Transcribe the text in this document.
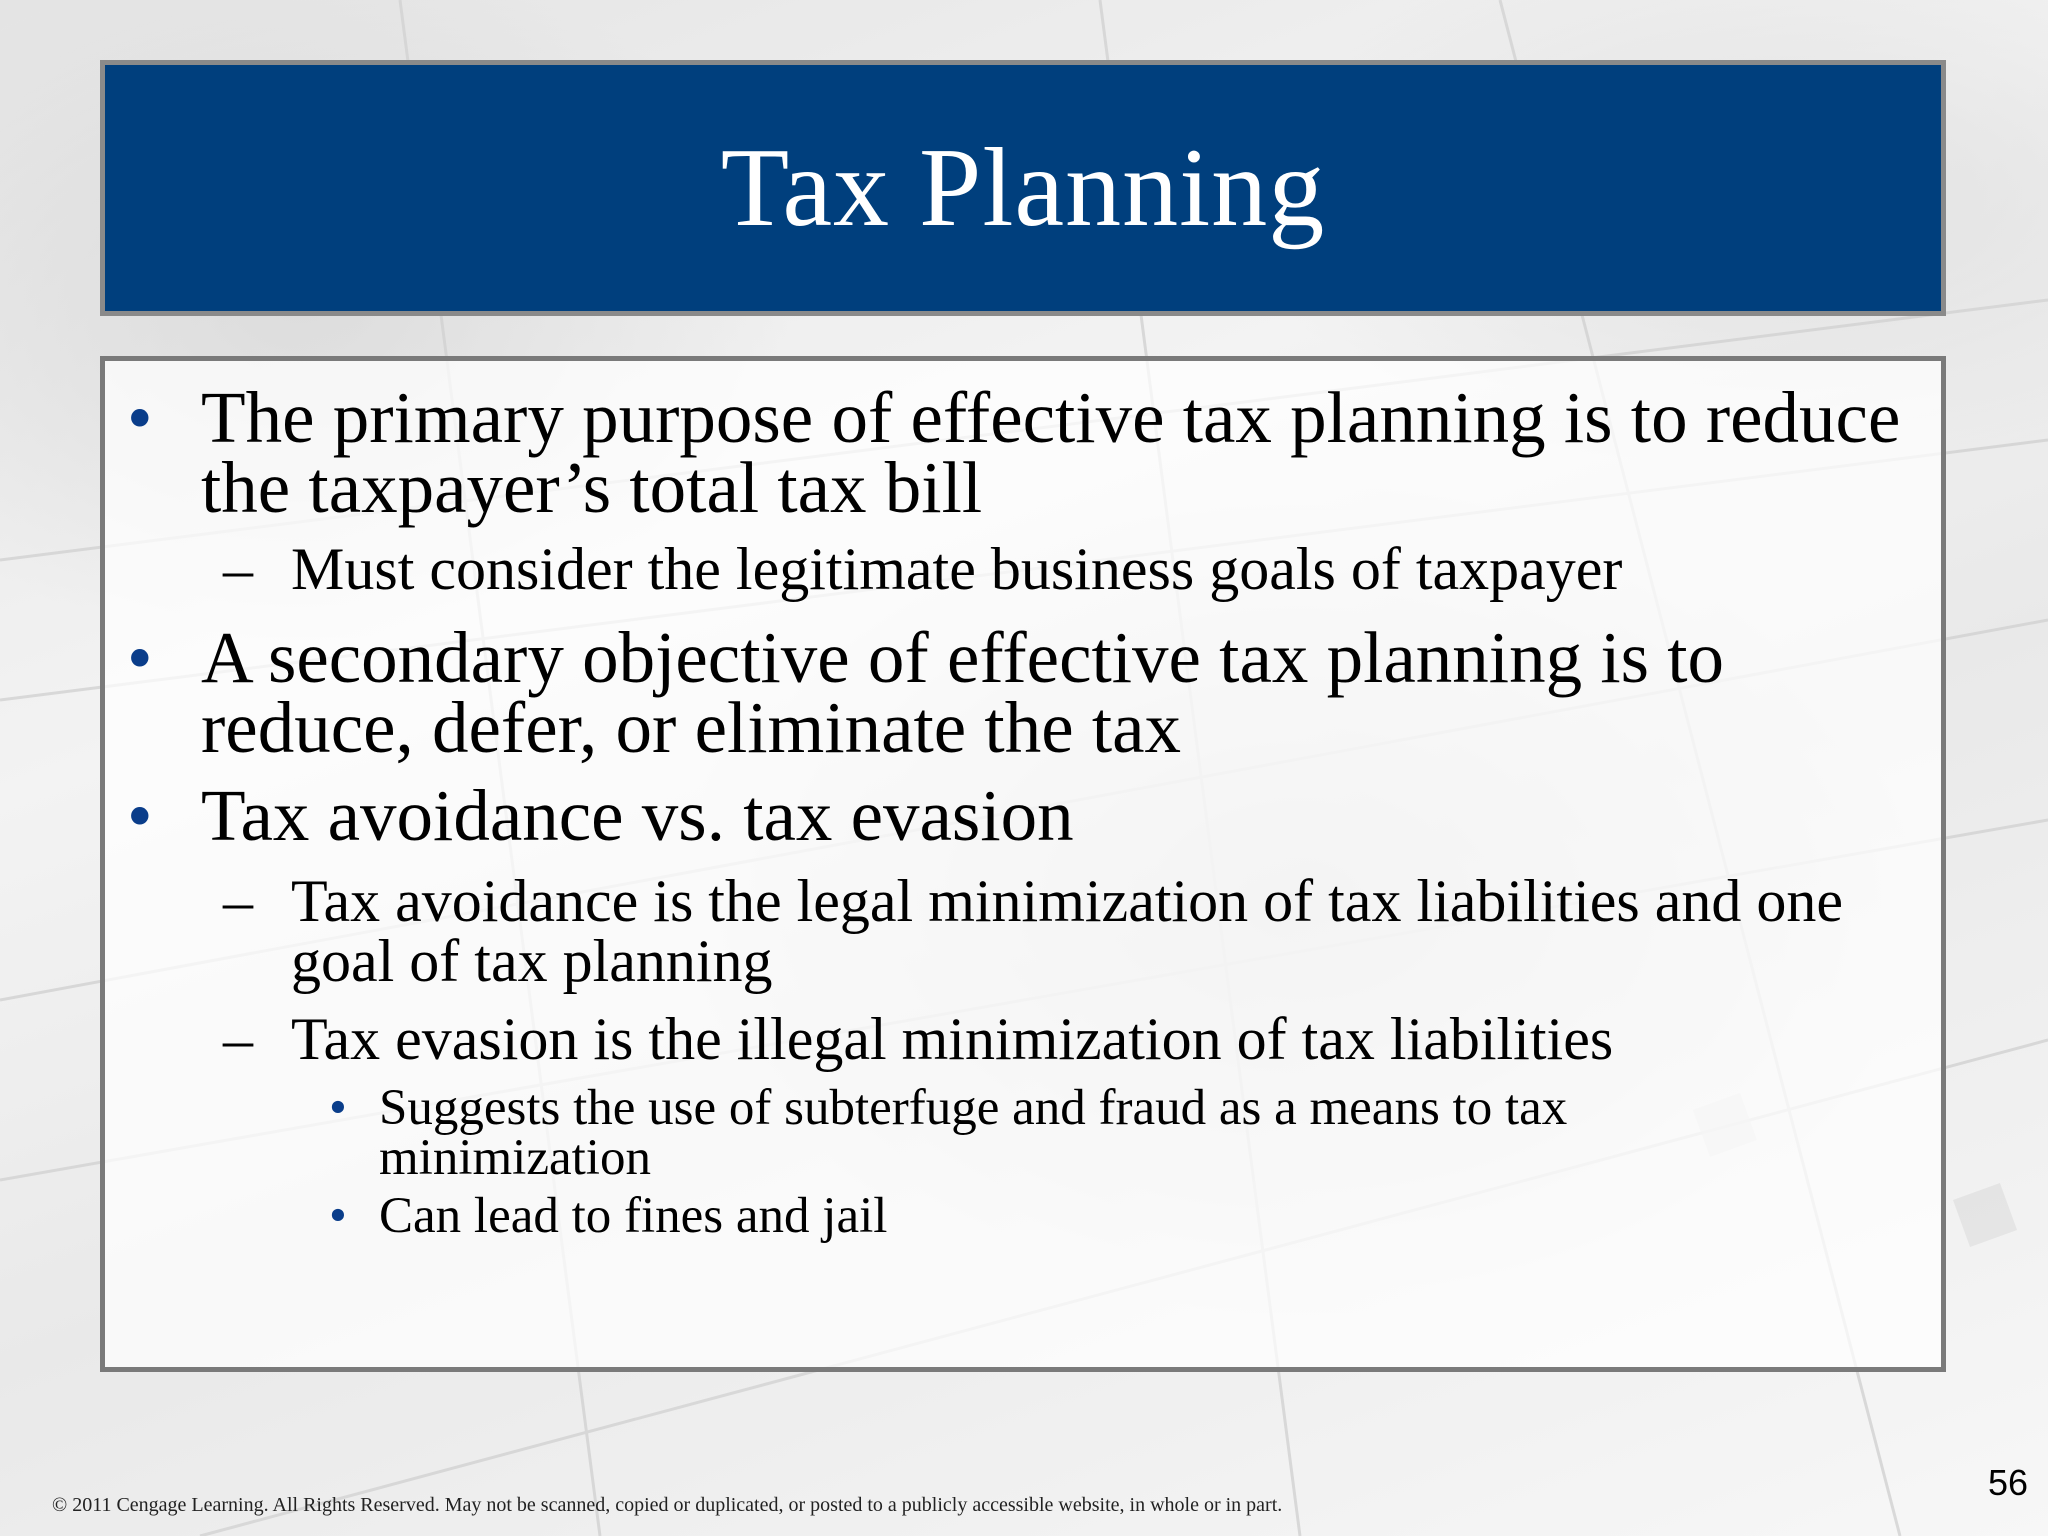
Tax Planning
• The primary purpose of effective tax planning is to reduce the taxpayer’s total tax bill
– Must consider the legitimate business goals of taxpayer
• A secondary objective of effective tax planning is to reduce, defer, or eliminate the tax
• Tax avoidance vs. tax evasion
– Tax avoidance is the legal minimization of tax liabilities and one goal of tax planning
– Tax evasion is the illegal minimization of tax liabilities
• Suggests the use of subterfuge and fraud as a means to tax minimization
• Can lead to fines and jail
© 2011 Cengage Learning. All Rights Reserved. May not be scanned, copied or duplicated, or posted to a publicly accessible website, in whole or in part.
56
